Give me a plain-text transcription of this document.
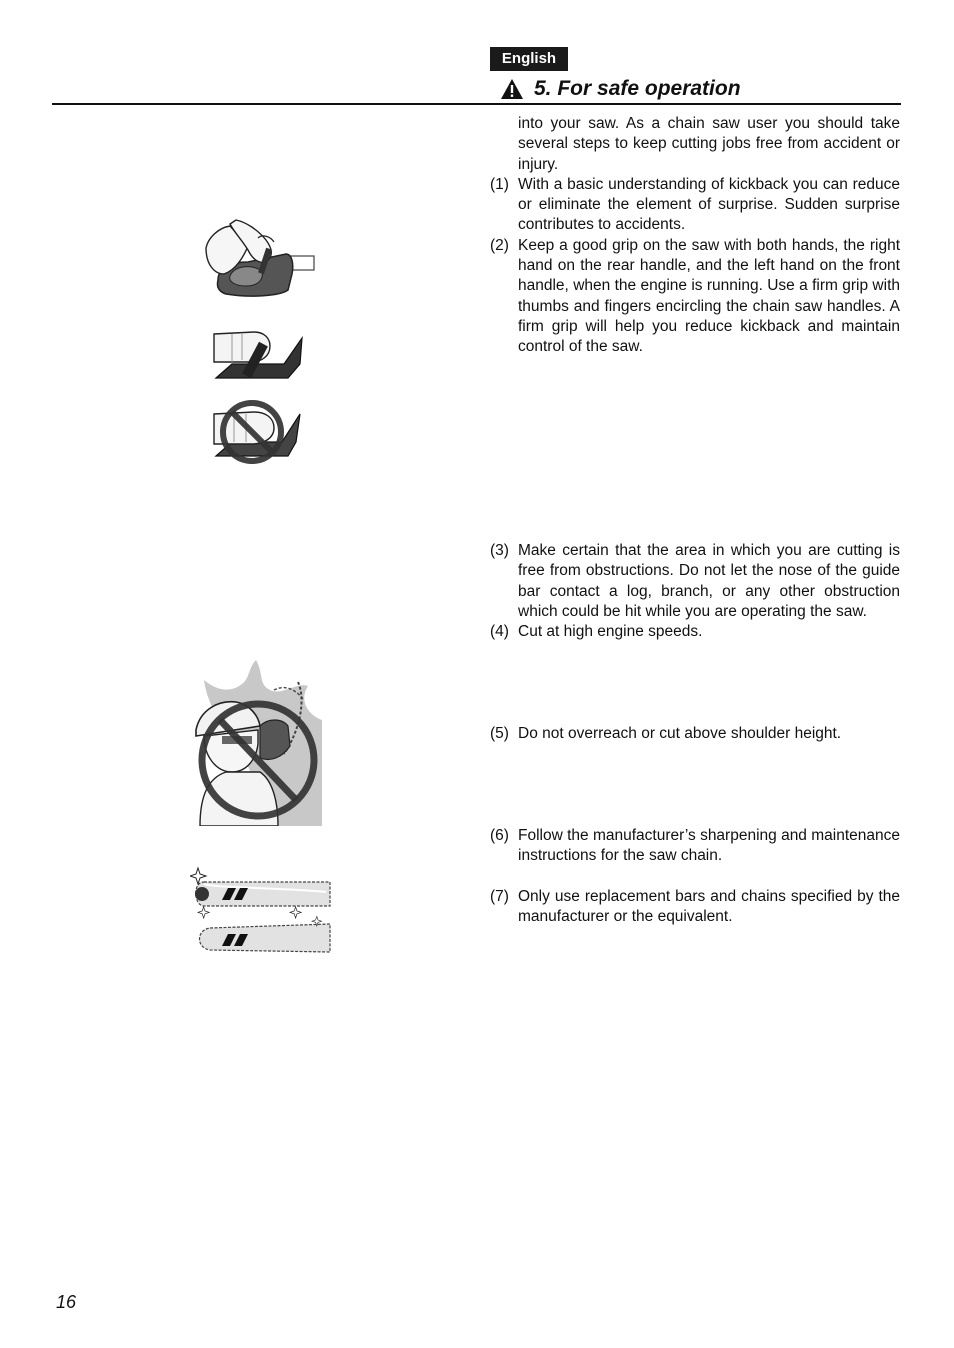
English
5. For safe operation

into your saw. As a chain saw user you should take several steps to keep cutting jobs free from accident or injury.

(1) With a basic understanding of kickback you can reduce or eliminate the element of surprise. Sudden surprise contributes to accidents.
(2) Keep a good grip on the saw with both hands, the right hand on the rear handle, and the left hand on the front handle, when the engine is running. Use a firm grip with thumbs and fingers encircling the chain saw handles. A firm grip will help you reduce kickback and maintain control of the saw.
(3) Make certain that the area in which you are cutting is free from obstructions. Do not let the nose of the guide bar contact a log, branch, or any other obstruction which could be hit while you are operating the saw.
(4) Cut at high engine speeds.
(5) Do not overreach or cut above shoulder height.
(6) Follow the manufacturer’s sharpening and maintenance instructions for the saw chain.
(7) Only use replacement bars and chains specified by the manufacturer or the equivalent.
16
